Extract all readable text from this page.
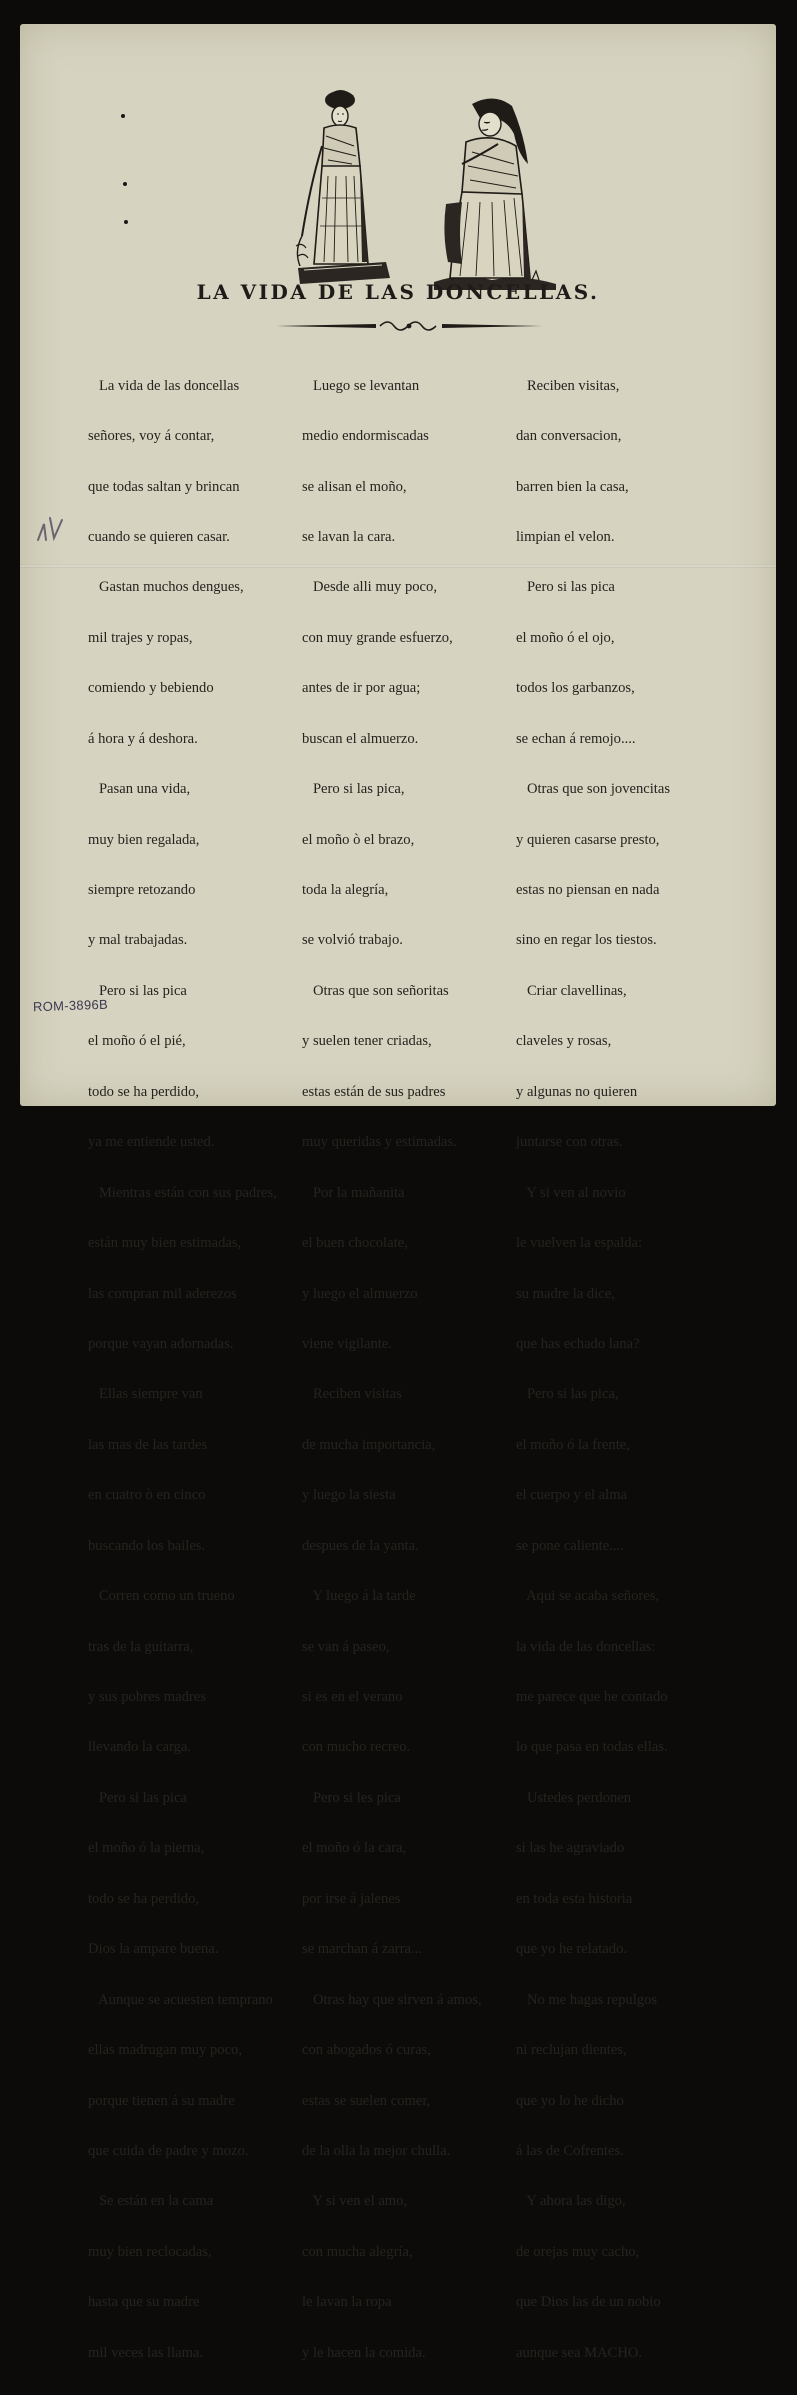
LA VIDA DE LAS DONCELLAS.

La vida de las doncellas

señores, voy á contar,

que todas saltan y brincan

cuando se quieren casar.

Gastan muchos dengues,

mil trajes y ropas,

comiendo y bebiendo

á hora y á deshora.

Pasan una vida,

muy bien regalada,

siempre retozando

y mal trabajadas.

Pero si las pica

el moño ó el pié,

todo se ha perdido,

ya me entiende usted.

Mientras están con sus padres,

están muy bien estimadas,

las compran mil aderezos

porque vayan adornadas.

Ellas siempre van

las mas de las tardes

en cuatro ò en cinco

buscando los bailes.

Corren como un trueno

tras de la guitarra,

y sus pobres madres

llevando la carga.

Pero si las pica

el moño ó la pierna,

todo se ha perdido,

Dios la ampare buena.

Aunque se acuesten temprano

ellas madrugan muy poco,

porque tienen á su madre

que cuida de padre y mozo.

Se están en la cama

muy bien reclocadas,

hasta que su madre

mil veces las llama.

Luego se levantan

medio endormiscadas

se alisan el moño,

se lavan la cara.

Desde alli muy poco,

con muy grande esfuerzo,

antes de ir por agua;

buscan el almuerzo.

Pero si las pica,

el moño ò el brazo,

toda la alegría,

se volvió trabajo.

Otras que son señoritas

y suelen tener criadas,

estas están de sus padres

muy queridas y estimadas.

Por la mañanita

el buen chocolate,

y luego el almuerzo

viene vigilante.

Reciben visitas

de mucha importancia,

y luego la siesta

despues de la yanta.

Y luego á la tarde

se van á paseo,

si es en el verano

con mucho recreo.

Pero si les pica

el moño ó la cara,

por irse á jalenes

se marchan á zarra...

Otras hay que sirven á amos,

con abogados ó curas,

estas se suelen comer,

de la olla la mejor chulla.

Y si ven el amo,

con mucha alegría,

le lavan la ropa

y le hacen la comida.

Reciben visitas,

dan conversacion,

barren bien la casa,

limpian el velon.

Pero si las pica

el moño ó el ojo,

todos los garbanzos,

se echan á remojo....

Otras que son jovencitas

y quieren casarse presto,

estas no piensan en nada

sino en regar los tiestos.

Criar clavellinas,

claveles y rosas,

y algunas no quieren

juntarse con otras.

Y si ven al novio

le vuelven la espalda:

su madre la dice,

que has echado lana?

Pero si las pica,

el moño ó la frente,

el cuerpo y el alma

se pone caliente....

Aqui se acaba señores,

la vida de las doncellas:

me parece que he contado

lo que pasa en todas ellas.

Ustedes perdonen

si las he agraviado

en toda esta historia

que yo he relatado.

No me hagas repulgos

ni reclujan dientes,

que yo lo he dicho

á las de Cofrentes.

Y ahora las digo,

de orejas muy cacho,

que Dios las de un nobio

aunque sea MACHO.

ROM-3896B
